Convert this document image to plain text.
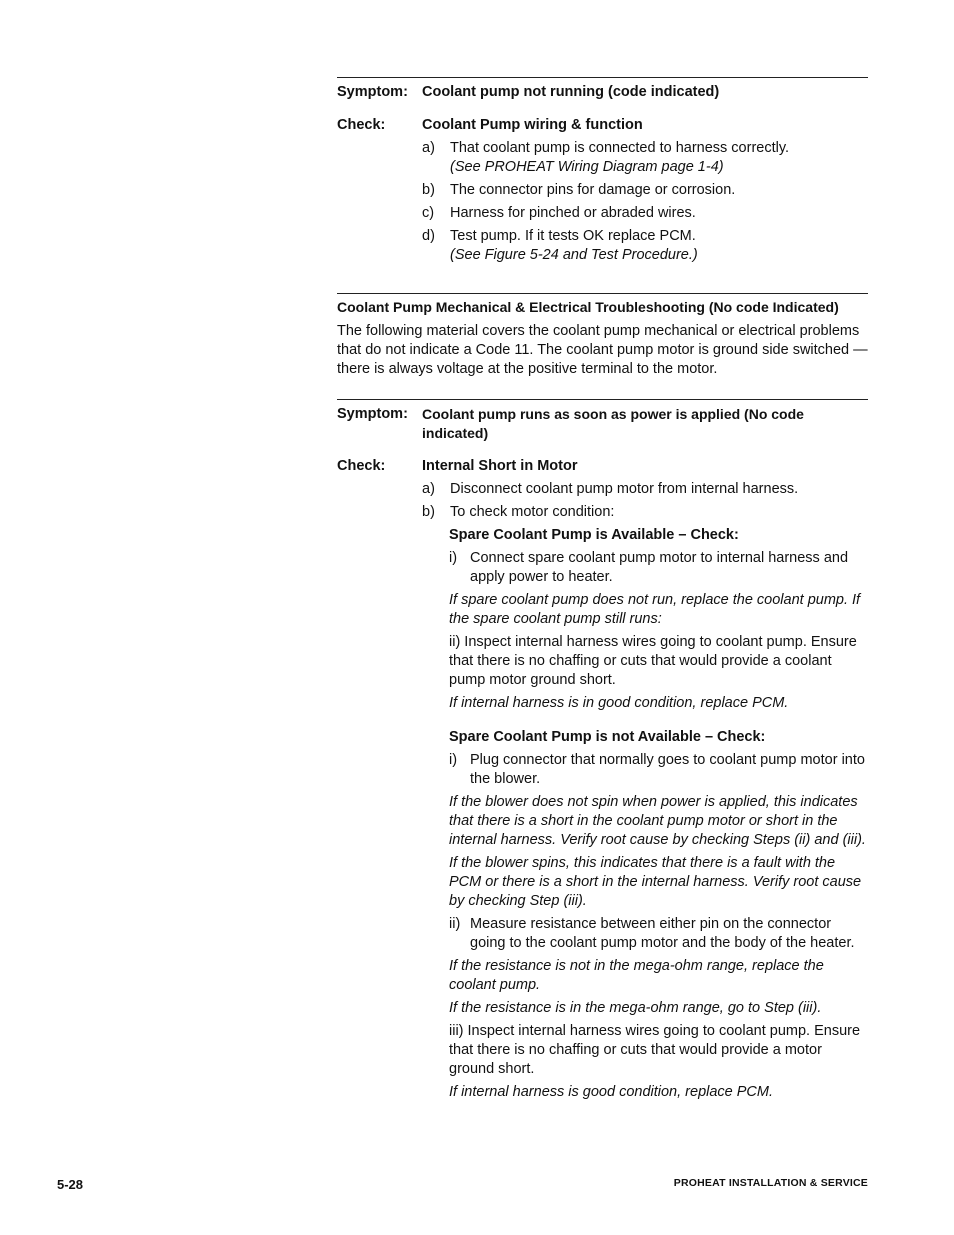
Symptom: Coolant pump not running (code indicated)
Check:	Coolant Pump wiring & function
a)	That coolant pump is connected to harness correctly.
(See PROHEAT Wiring Diagram page 1-4)
b)	The connector pins for damage or corrosion.
c)	Harness for pinched or abraded wires.
d)	Test pump. If it tests OK replace PCM.
(See Figure 5-24 and Test Procedure.)
Coolant Pump Mechanical & Electrical Troubleshooting (No code Indicated)
The following material covers the coolant pump mechanical or electrical problems that do not indicate a Code 11. The coolant pump motor is ground side switched — there is always voltage at the positive terminal to the motor.
Symptom:	Coolant pump runs as soon as power is applied (No code indicated)
Check:	Internal Short in Motor
a)	Disconnect coolant pump motor from internal harness.
b)	To check motor condition:
Spare Coolant Pump is Available – Check:
i) Connect spare coolant pump motor to internal harness and apply power to heater.
If spare coolant pump does not run, replace the coolant pump. If the spare coolant pump still runs:
ii) Inspect internal harness wires going to coolant pump. Ensure that there is no chaffing or cuts that would provide a coolant pump motor ground short.
If internal harness is in good condition, replace PCM.
Spare Coolant Pump is not Available – Check:
i) Plug connector that normally goes to coolant pump motor into the blower.
If the blower does not spin when power is applied, this indicates that there is a short in the coolant pump motor or short in the internal harness. Verify root cause by checking Steps (ii) and (iii).
If the blower spins, this indicates that there is a fault with the PCM or there is a short in the internal harness. Verify root cause by checking Step (iii).
ii) Measure resistance between either pin on the connector going to the coolant pump motor and the body of the heater.
If the resistance is not in the mega-ohm range, replace the coolant pump.
If the resistance is in the mega-ohm range, go to Step (iii).
iii) Inspect internal harness wires going to coolant pump. Ensure that there is no chaffing or cuts that would provide a motor ground short.
If internal harness is good condition, replace PCM.
5-28	PROHEAT INSTALLATION & SERVICE
